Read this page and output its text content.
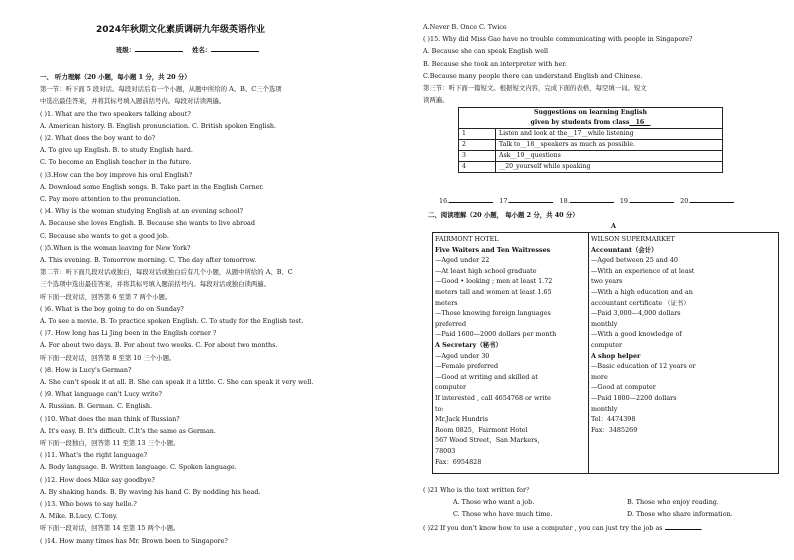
2024年秋期文化素质调研九年级英语作业
班级：	姓名：
一、 听力理解（20 小题，每小题 1 分，共 20 分）
第一节：听下面 5 段对话。每段对话后有一个小题，从题中所给的 A、B、C三个选项
中选出最佳答案，并将其标号填入题前括号内。每段对话读两遍。
( )1. What are the two speakers talking about?
A. American history. B. English pronunciation. C. British spoken English.
( )2. What does the boy want to do?
A. To give up English. B. to study English hard.
C. To become an English teacher in the future.
( )3.How can the boy improve his oral English?
A. Download some English songs. B. Take part in the English Corner.
C. Pay more attention to the pronunciation.
( )4. Why is the woman studying English at an evening school?
A. Because she loves English. B. Because she wants to live abroad
C. Because she wants to get a good job.
( )5.When is the woman leaving for New York?
A. This evening. B. Tomorrow morning. C. The day after tomorrow.
第二节：听下面几段对话或独白，每段对话或独白后有几个小题，从题中所给的 A、B、C
三个选项中选出最佳答案，并将其标号填入题前括号内。每段对话或独白读两遍。
听下面一段对话，回答第 6 至第 7 两个小题。
( )6. What is the boy going to do on Sunday?
A. To see a movie. B. To practice spoken English. C. To study for the English test.
( )7. How long has Li Jing been in the English corner ?
A. For about two days. B. For about two weeks. C. For about two months.
听下面一段对话，回答第 8 至第 10 三个小题。
( )8. How is Lucy's German?
A. She can't speak it at all. B. She can speak it a little. C. She can speak it very well.
( )9. What language can't Lucy write?
A. Russian. B. German. C. English.
( )10. What does the man think of Russian?
A. It's easy. B. It's difficult. C.It's the same as German.
听下面一段独白，回答第 11 至第 13 三个小题。
( )11. What's the right language?
A. Body language. B. Written language. C. Spoken language.
( )12. How does Mike say goodbye?
A. By shaking hands. B. By waving his hand C. By nodding his head.
( )13. Who bows to say hello.?
A. Mike. B.Lucy. C.Tony.
听下面一段对话，回答第 14 至第 15 两个小题。
( )14. How many times has Mr. Brown been to Singapore?
A.Never B. Once C. Twice
( )15. Why did Miss Gao have no trouble communicating with people in Singapore?
A. Because she can speak English well
B. Because she took an interpreter with her.
C.Because many people there can understand English and Chinese.
第三节：听下面一篇短文。根据短文内容，完成下面的表格，每空填一词。短文
读两遍。
Suggestions on learning English	
given by students from class__16__	
1	Listen and look at the__17__while listening
2	Talk to__18__speakers as much as possible.
3	Ask__19__questions
4	__20_yourself while speaking
16.	17.	18.	19.	20.
二、阅读理解（20 小题， 每小题 2 分，共 40 分）
A
FAIRMONT HOTEL
Five Waiters and Ten Waitresses
—Aged under 22
—At least high school graduate
—Good • looking ; men at least 1.72
meters tall and women at least 1.65
meters
—Those knowing foreign languages
preferred
—Paid 1600—2000 dollars per month
A Secretary（秘书）
—Aged under 30
—Female preferred
—Good at writing and skilled at
computer
If interested , call 4654768 or write
to:
Mr.Jack Hundris
Room 0825，Fairmont Hotel
567 Wood Street，San Markers，
78003
Fax：6954828
WILSON SUPERMARKET
Accountant（会计）
—Aged between 25 and 40
—With an experience of at least
two years
—With a high education and an
accountant certificate （证书）
—Paid 3,000—4,000 dollars
monthly
—With a good knowledge of
computer
A shop helper
—Basic education of 12 years or
more
—Good at computer
—Paid 1800—2200 dollars
monthly
Tel：4474398
Fax：3485269
( )21 Who is the text written for？
A. Those who want a job.	B. Those who enjoy reading.
C. Those who have much time.	D. Those who share information.
( )22 If you don't know how to use a computer , you can just try the job as	.
